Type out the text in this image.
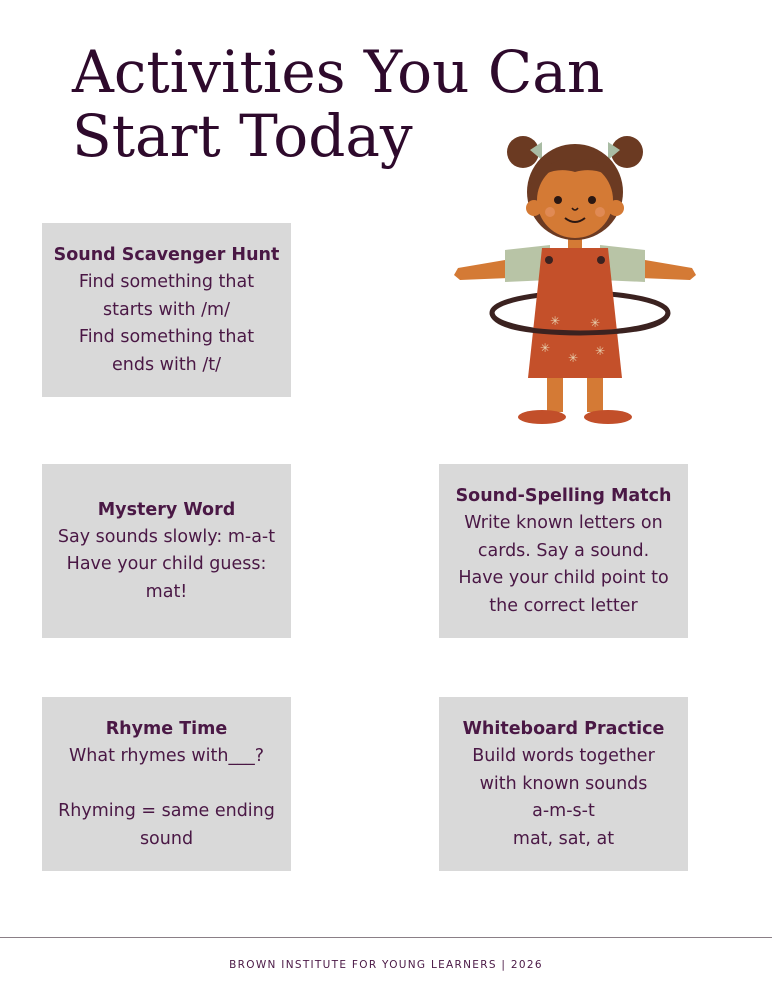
Activities You Can
Start Today
✳ ✳
✳
✳ ✳
Sound Scavenger Hunt
Find something that
starts with /m/
Find something that
ends with /t/
Mystery Word
Say sounds slowly: m-a-t
Have your child guess:
mat!
Sound-Spelling Match
Write known letters on
cards. Say a sound.
Have your child point to
the correct letter
Rhyme Time
What rhymes with___?
Rhyming = same ending
sound
Whiteboard Practice
Build words together
with known sounds
a-m-s-t
mat, sat, at
BROWN INSTITUTE FOR YOUNG LEARNERS | 2026
